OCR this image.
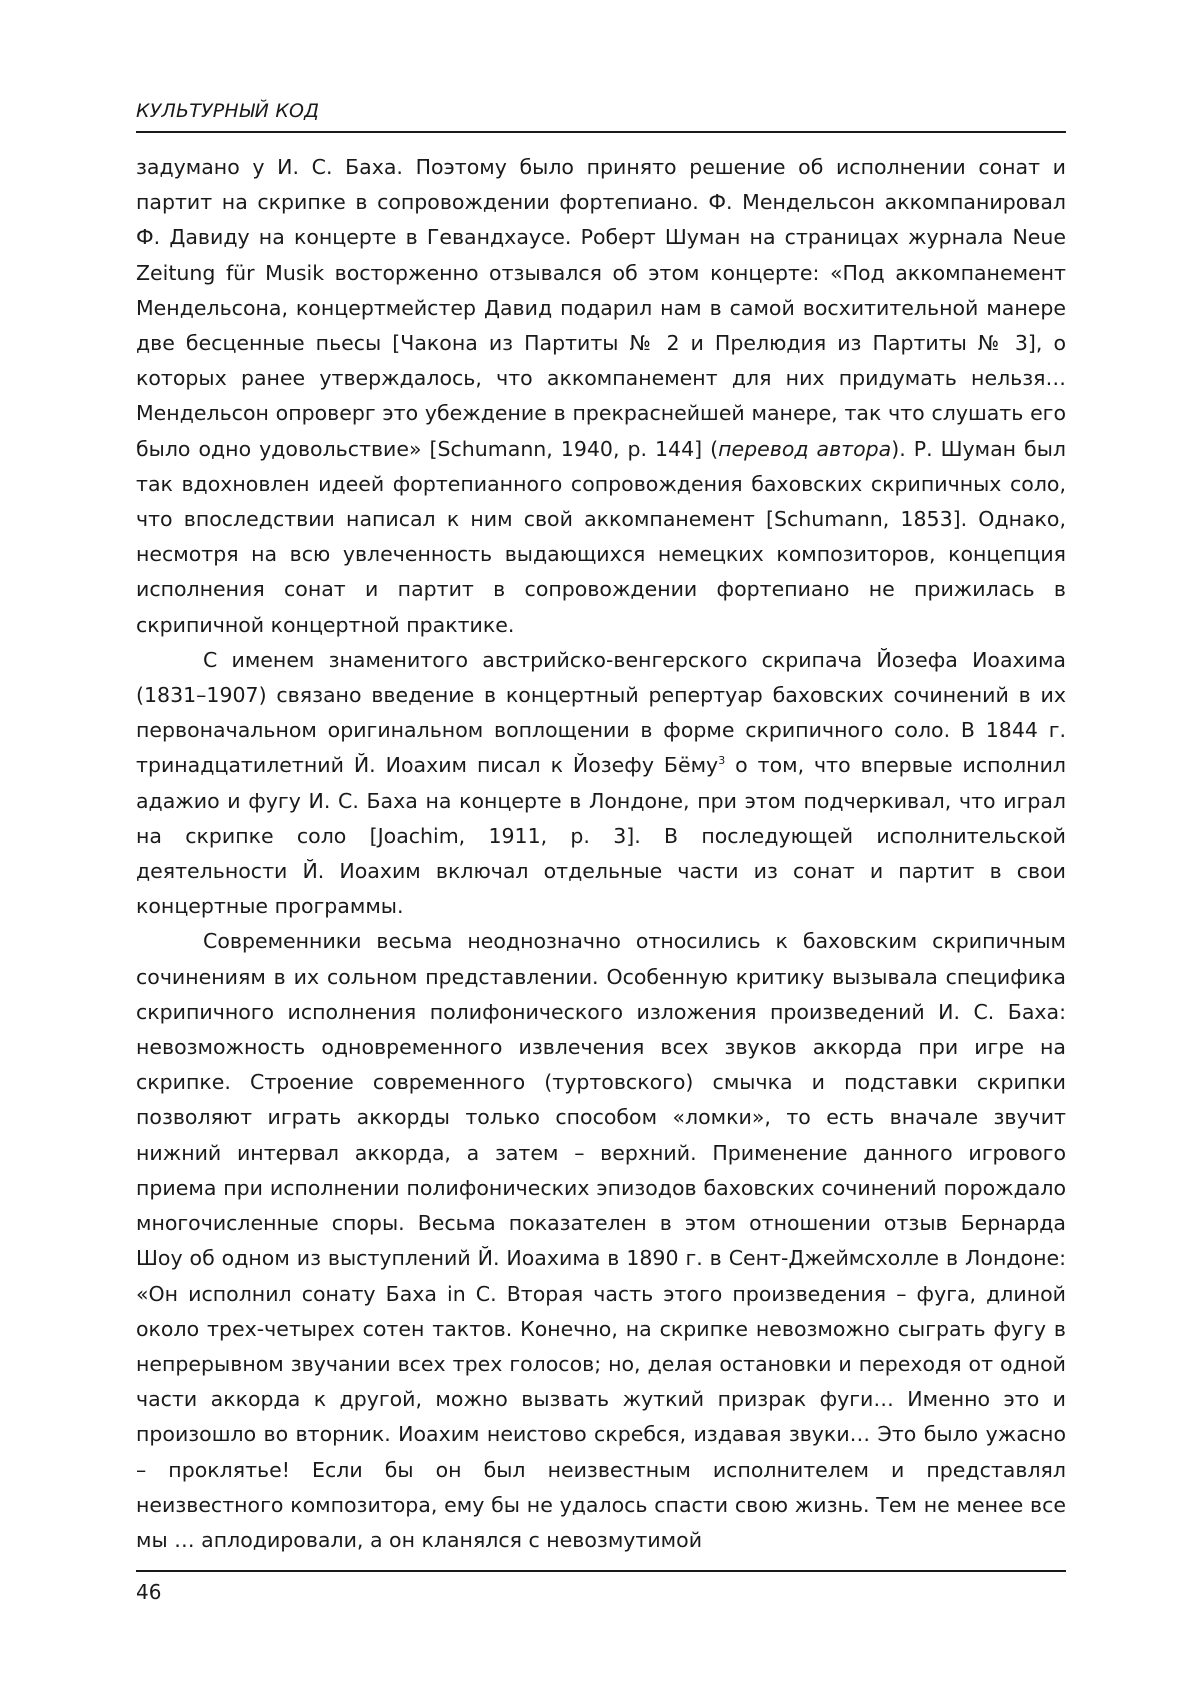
КУЛЬТУРНЫЙ КОД

задумано у И. С. Баха. Поэтому было принято решение об исполнении сонат и партит на скрипке в сопровождении фортепиано. Ф. Мендельсон аккомпанировал Ф. Давиду на концерте в Гевандхаусе. Роберт Шуман на страницах журнала Neue Zeitung für Musik восторженно отзывался об этом концерте: «Под аккомпанемент Мендельсона, концертмейстер Давид подарил нам в самой восхитительной манере две бесценные пьесы [Чакона из Партиты № 2 и Прелюдия из Партиты № 3], о которых ранее утверждалось, что аккомпанемент для них придумать нельзя… Мендельсон опроверг это убеждение в прекраснейшей манере, так что слушать его было одно удовольствие» [Schumann, 1940, p. 144] (перевод автора). Р. Шуман был так вдохновлен идеей фортепианного сопровождения баховских скрипичных соло, что впоследствии написал к ним свой аккомпанемент [Schumann, 1853]. Однако, несмотря на всю увлеченность выдающихся немецких композиторов, концепция исполнения сонат и партит в сопровождении фортепиано не прижилась в скрипичной концертной практике.

С именем знаменитого австрийско-венгерского скрипача Йозефа Иоахима (1831–1907) связано введение в концертный репертуар баховских сочинений в их первоначальном оригинальном воплощении в форме скрипичного соло. В 1844 г. тринадцатилетний Й. Иоахим писал к Йозефу Бёму$^3$ о том, что впервые исполнил адажио и фугу И. С. Баха на концерте в Лондоне, при этом подчеркивал, что играл на скрипке соло [Joachim, 1911, p. 3]. В последующей исполнительской деятельности Й. Иоахим включал отдельные части из сонат и партит в свои концертные программы.

Современники весьма неоднозначно относились к баховским скрипичным сочинениям в их сольном представлении. Особенную критику вызывала специфика скрипичного исполнения полифонического изложения произведений И. С. Баха: невозможность одновременного извлечения всех звуков аккорда при игре на скрипке. Строение современного (туртовского) смычка и подставки скрипки позволяют играть аккорды только способом «ломки», то есть вначале звучит нижний интервал аккорда, а затем – верхний. Применение данного игрового приема при исполнении полифонических эпизодов баховских сочинений порождало многочисленные споры. Весьма показателен в этом отношении отзыв Бернарда Шоу об одном из выступлений Й. Иоахима в 1890 г. в Сент-Джеймсхолле в Лондоне: «Он исполнил сонату Баха in C. Вторая часть этого произведения – фуга, длиной около трех-четырех сотен тактов. Конечно, на скрипке невозможно сыграть фугу в непрерывном звучании всех трех голосов; но, делая остановки и переходя от одной части аккорда к другой, можно вызвать жуткий призрак фуги… Именно это и произошло во вторник. Иоахим неистово скребся, издавая звуки… Это было ужасно – проклятье! Если бы он был неизвестным исполнителем и представлял неизвестного композитора, ему бы не удалось спасти свою жизнь. Тем не менее все мы … аплодировали, а он кланялся с невозмутимой

46
